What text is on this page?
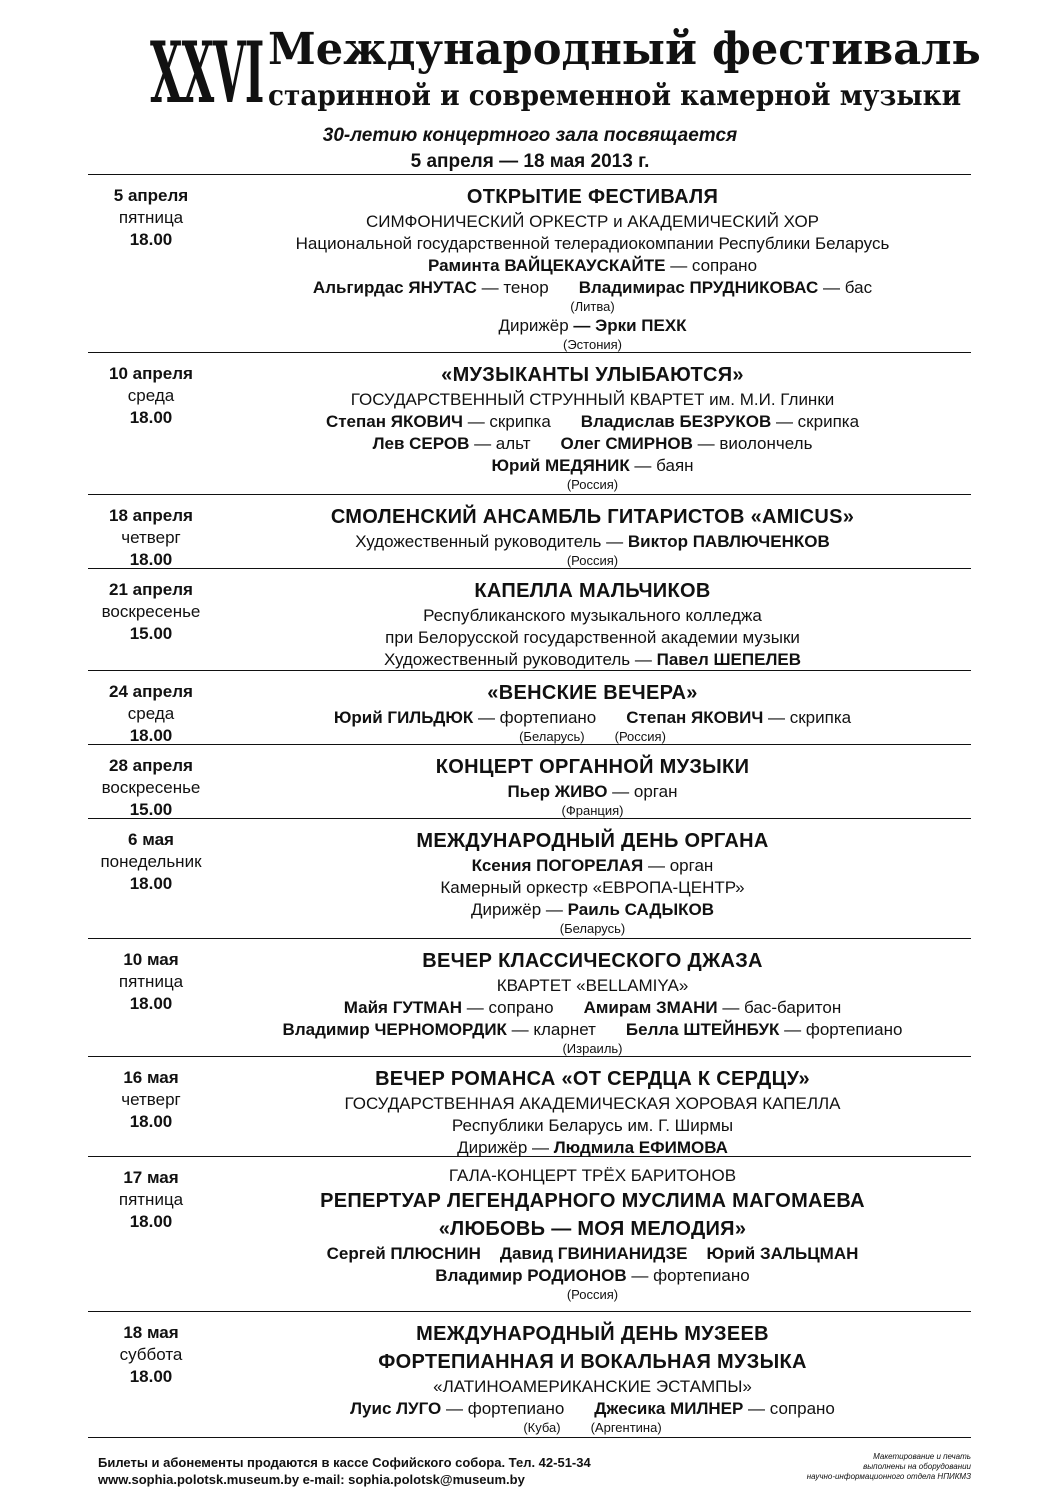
XXVI Международный фестиваль
старинной и современной камерной музыки
30-летию концертного зала посвящается
5 апреля — 18 мая 2013 г.
5 апреля
пятница
18.00
ОТКРЫТИЕ ФЕСТИВАЛЯ
СИМФОНИЧЕСКИЙ ОРКЕСТР и АКАДЕМИЧЕСКИЙ ХОР
Национальной государственной телерадиокомпании Республики Беларусь
Раминта ВАЙЦЕКАУСКАЙТЕ — сопрано
Альгирдас ЯНУТАС — тенор Владимирас ПРУДНИКОВАС — бас
(Литва)
Дирижёр — Эрки ПЕХК
(Эстония)
10 апреля
среда
18.00
«МУЗЫКАНТЫ УЛЫБАЮТСЯ»
ГОСУДАРСТВЕННЫЙ СТРУННЫЙ КВАРТЕТ им. М.И. Глинки
Степан ЯКОВИЧ — скрипка Владислав БЕЗРУКОВ — скрипка
Лев СЕРОВ — альт Олег СМИРНОВ — виолончель
Юрий МЕДЯНИК — баян
(Россия)
18 апреля
четверг
18.00
СМОЛЕНСКИЙ АНСАМБЛЬ ГИТАРИСТОВ «AMICUS»
Художественный руководитель — Виктор ПАВЛЮЧЕНКОВ
(Россия)
21 апреля
воскресенье
15.00
КАПЕЛЛА МАЛЬЧИКОВ
Республиканского музыкального колледжа
при Белорусской государственной академии музыки
Художественный руководитель — Павел ШЕПЕЛЕВ
24 апреля
среда
18.00
«ВЕНСКИЕ ВЕЧЕРА»
Юрий ГИЛЬДЮК — фортепиано Степан ЯКОВИЧ — скрипка
(Беларусь) (Россия)
28 апреля
воскресенье
15.00
КОНЦЕРТ ОРГАННОЙ МУЗЫКИ
Пьер ЖИВО — орган
(Франция)
6 мая
понедельник
18.00
МЕЖДУНАРОДНЫЙ ДЕНЬ ОРГАНА
Ксения ПОГОРЕЛАЯ — орган
Камерный оркестр «ЕВРОПА-ЦЕНТР»
Дирижёр — Раиль САДЫКОВ
(Беларусь)
10 мая
пятница
18.00
ВЕЧЕР КЛАССИЧЕСКОГО ДЖАЗА
КВАРТЕТ «BELLAMIYA»
Майя ГУТМАН — сопрано Амирам ЗМАНИ — бас-баритон
Владимир ЧЕРНОМОРДИК — кларнет Белла ШТЕЙНБУК — фортепиано
(Израиль)
16 мая
четверг
18.00
ВЕЧЕР РОМАНСА «ОТ СЕРДЦА К СЕРДЦУ»
ГОСУДАРСТВЕННАЯ АКАДЕМИЧЕСКАЯ ХОРОВАЯ КАПЕЛЛА
Республики Беларусь им. Г. Ширмы
Дирижёр — Людмила ЕФИМОВА
17 мая
пятница
18.00
ГАЛА-КОНЦЕРТ ТРЁХ БАРИТОНОВ
РЕПЕРТУАР ЛЕГЕНДАРНОГО МУСЛИМА МАГОМАЕВА
«ЛЮБОВЬ — МОЯ МЕЛОДИЯ»
Сергей ПЛЮСНИН Давид ГВИНИАНИДЗЕ Юрий ЗАЛЬЦМАН
Владимир РОДИОНОВ — фортепиано
(Россия)
18 мая
суббота
18.00
МЕЖДУНАРОДНЫЙ ДЕНЬ МУЗЕЕВ
ФОРТЕПИАННАЯ И ВОКАЛЬНАЯ МУЗЫКА
«ЛАТИНОАМЕРИКАНСКИЕ ЭСТАМПЫ»
Луис ЛУГО — фортепиано Джесика МИЛНЕР — сопрано
(Куба) (Аргентина)
Билеты и абонементы продаются в кассе Софийского собора. Тел. 42-51-34
www.sophia.polotsk.museum.by e-mail: sophia.polotsk@museum.by
Макетирование и печать
выполнены на оборудовании
научно-информационного отдела НПИКМЗ
